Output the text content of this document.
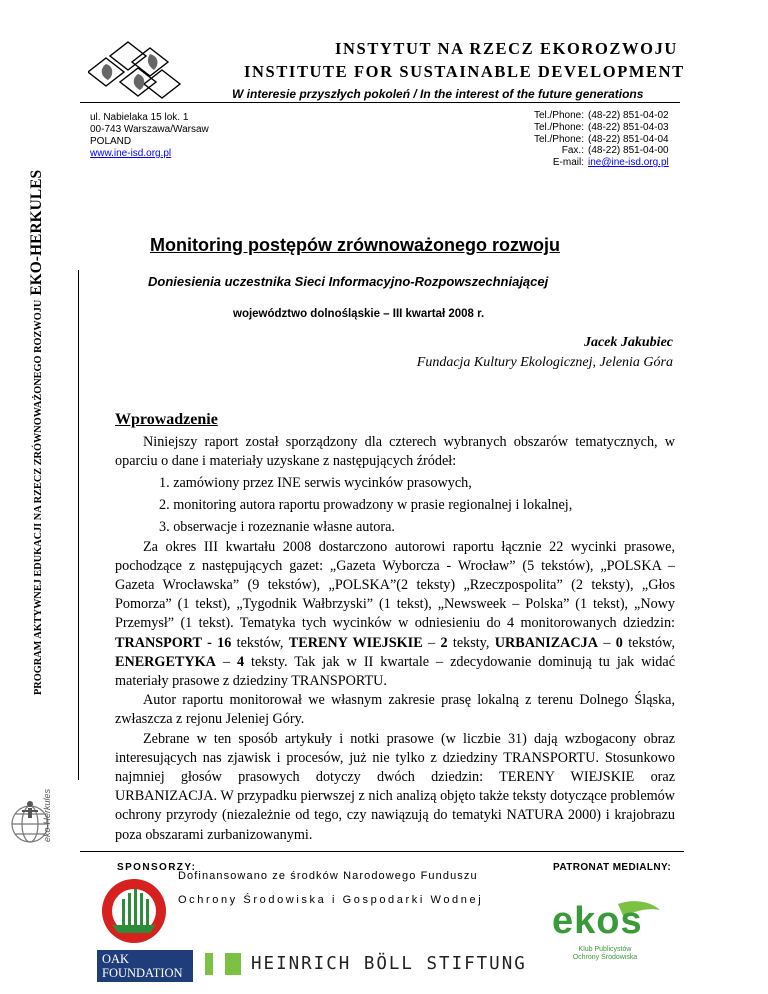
INSTYTUT NA RZECZ EKOROZWOJU
INSTITUTE FOR SUSTAINABLE DEVELOPMENT
W interesie przyszłych pokoleń / In the interest of the future generations
ul. Nabielaka 15 lok. 1
00-743 Warszawa/Warsaw
POLAND
www.ine-isd.org.pl
Tel./Phone: (48-22) 851-04-02
Tel./Phone: (48-22) 851-04-03
Tel./Phone: (48-22) 851-04-04
Fax.: (48-22) 851-04-00
E-mail: ine@ine-isd.org.pl
PROGRAM AKTYWNEJ EDUKACJI NA RZECZ ZRÓWNOWAŻONEGO ROZWOJU EKO-HERKULES
eko-Herkules
Monitoring postępów zrównoważonego rozwoju
Doniesienia uczestnika Sieci Informacyjno-Rozpowszechniającej
województwo dolnośląskie – III kwartał 2008 r.
Jacek Jakubiec
Fundacja Kultury Ekologicznej, Jelenia Góra
Wprowadzenie

Niniejszy raport został sporządzony dla czterech wybranych obszarów tematycznych, w oparciu o dane i materiały uzyskane z następujących źródeł:

1. zamówiony przez INE serwis wycinków prasowych,
2. monitoring autora raportu prowadzony w prasie regionalnej i lokalnej,
3. obserwacje i rozeznanie własne autora.

Za okres III kwartału 2008 dostarczono autorowi raportu łącznie 22 wycinki prasowe, pochodzące z następujących gazet: „Gazeta Wyborcza - Wrocław” (5 tekstów), „POLSKA – Gazeta Wrocławska” (9 tekstów), „POLSKA”(2 teksty) „Rzeczpospolita” (2 teksty), „Głos Pomorza” (1 tekst), „Tygodnik Wałbrzyski” (1 tekst), „Newsweek – Polska” (1 tekst), „Nowy Przemysł” (1 tekst). Tematyka tych wycinków w odniesieniu do 4 monitorowanych dziedzin: TRANSPORT - 16 tekstów, TERENY WIEJSKIE – 2 teksty, URBANIZACJA – 0 tekstów, ENERGETYKA – 4 teksty. Tak jak w II kwartale – zdecydowanie dominują tu jak widać materiały prasowe z dziedziny TRANSPORTU.

Autor raportu monitorował we własnym zakresie prasę lokalną z terenu Dolnego Śląska, zwłaszcza z rejonu Jeleniej Góry.

Zebrane w ten sposób artykuły i notki prasowe (w liczbie 31) dają wzbogacony obraz interesujących nas zjawisk i procesów, już nie tylko z dziedziny TRANSPORTU. Stosunkowo najmniej głosów prasowych dotyczy dwóch dziedzin: TERENY WIEJSKIE oraz URBANIZACJA. W przypadku pierwszej z nich analizą objęto także teksty dotyczące problemów ochrony przyrody (niezależnie od tego, czy nawiązują do tematyki NATURA 2000) i krajobrazu poza obszarami zurbanizowanymi.

SPONSORZY:	PATRONAT MEDIALNY:
Dofinansowano ze środków Narodowego Funduszu
Ochrony Środowiska i Gospodarki Wodnej
OAK
FOUNDATION	HEINRICH BÖLL STIFTUNG
ekos
Klub Publicystów
Ochrony Środowiska
